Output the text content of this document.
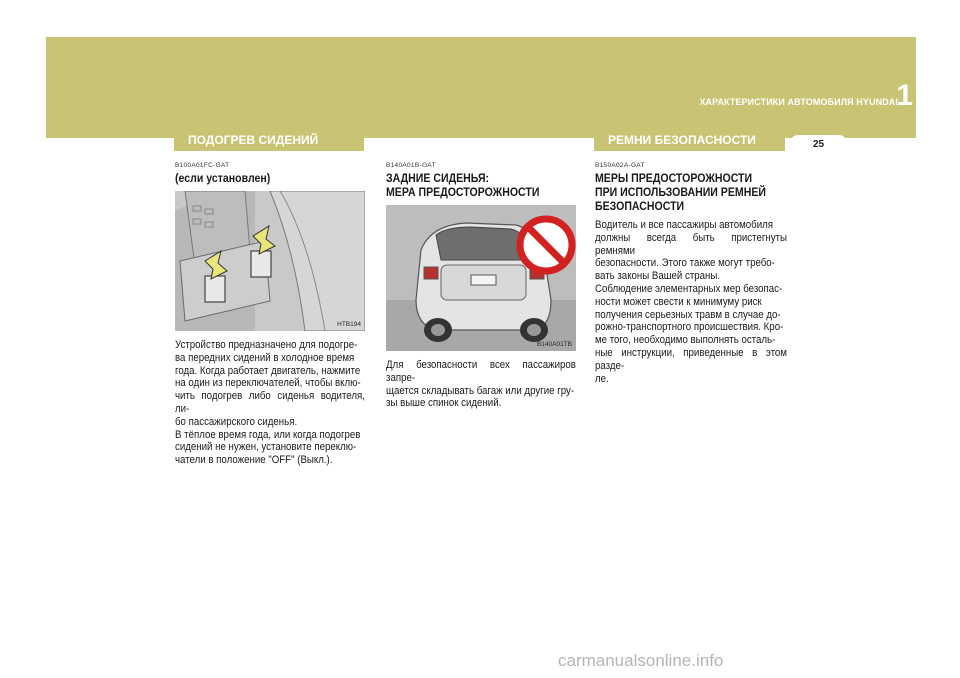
ХАРАКТЕРИСТИКИ АВТОМОБИЛЯ HYUNDAI
1
ПОДОГРЕВ СИДЕНИЙ	РЕМНИ БЕЗОПАСНОСТИ	25
B100A01FC-GAT
(если установлен)
HTB194
Устройство предназначено для подогре-
ва передних сидений в холодное время
года. Когда работает двигатель, нажмите
на один из переключателей, чтобы вклю-
чить подогрев либо сиденья водителя, ли-
бо пассажирского сиденья.
В тёплое время года, или когда подогрев
сидений не нужен, установите переклю-
чатели в положение "OFF" (Выкл.).
B140A01B-GAT
ЗАДНИЕ СИДЕНЬЯ:
МЕРА ПРЕДОСТОРОЖНОСТИ
B140A01TB
Для безопасности всех пассажиров запре-
щается складывать багаж или другие гру-
зы выше спинок сидений.
B150A02A-GAT
МЕРЫ ПРЕДОСТОРОЖНОСТИ
ПРИ ИСПОЛЬЗОВАНИИ РЕМНЕЙ
БЕЗОПАСНОСТИ
Водитель и все пассажиры автомобиля
должны всегда быть пристегнуты ремнями
безопасности. Этого также могут требо-
вать законы Вашей страны.
Соблюдение элементарных мер безопас-
ности может свести к минимуму риск
получения серьезных травм в случае до-
рожно-транспортного происшествия. Кро-
ме того, необходимо выполнять осталь-
ные инструкции, приведенные в этом разде-
ле.
carmanualsonline.info
